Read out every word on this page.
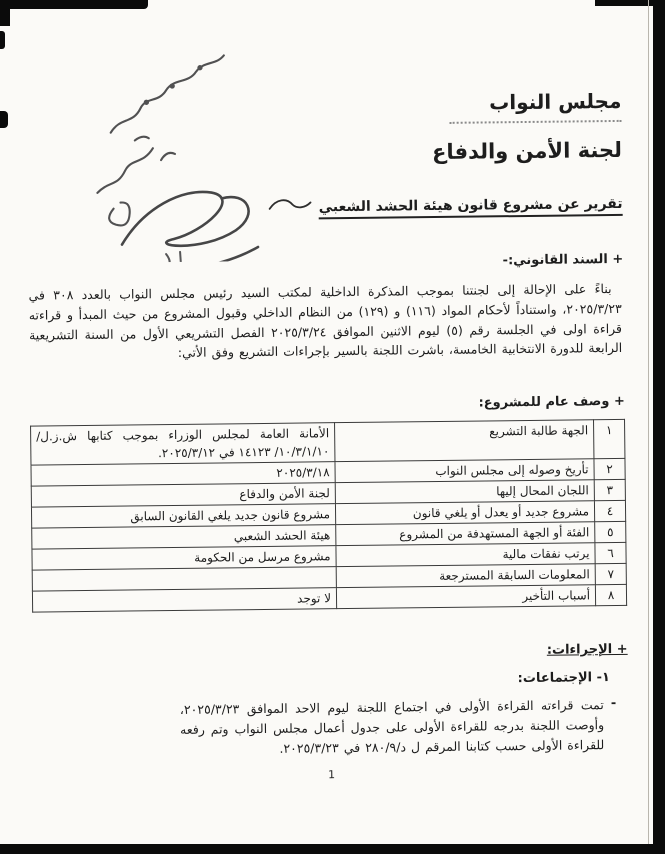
مجلس النواب
لجنة الأمن والدفاع
تقرير عن مشروع قانون هيئة الحشد الشعبي
+ السند القانوني:-

بناءً على الإحالة إلى لجنتنا بموجب المذكرة الداخلية لمكتب السيد رئيس مجلس النواب بالعدد ٣٠٨ في ٢٠٢٥/٣/٢٣، واستناداً لأحكام المواد (١١٦) و (١٢٩) من النظام الداخلي وقبول المشروع من حيث المبدأ و قراءته قراءة اولى في الجلسة رقم (٥) ليوم الاثنين الموافق ٢٠٢٥/٣/٢٤ الفصل التشريعي الأول من السنة التشريعية الرابعة للدورة الانتخابية الخامسة، باشرت اللجنة بالسير بإجراءات التشريع وفق الأتي:

+ وصف عام للمشروع:
١	الجهة طالبة التشريع	الأمانة العامة لمجلس الوزراء بموجب كتابها ش.ز.ل/١٠/٣/١/١٠/ ١٤١٢٣ في ٢٠٢٥/٣/١٢.
٢	تأريخ وصوله إلى مجلس النواب	٢٠٢٥/٣/١٨
٣	اللجان المحال إليها	لجنة الأمن والدفاع
٤	مشروع جديد أو يعدل أو يلغي قانون	مشروع قانون جديد يلغي القانون السابق
٥	الفئة أو الجهة المستهدفة من المشروع	هيئة الحشد الشعبي
٦	يرتب نفقات مالية	مشروع مرسل من الحكومة
٧	المعلومات السابقة المسترجعة	
٨	أسباب التأخير	لا توجد
+ الإجراءات:
١- الإجتماعات:
-

تمت قراءته القراءة الأولى في اجتماع اللجنة ليوم الاحد الموافق ٢٠٢٥/٣/٢٣، وأوصت اللجنة بدرجه للقراءة الأولى على جدول أعمال مجلس النواب وتم رفعه للقراءة الأولى حسب كتابنا المرقم ل د/٢٨٠/٩ في ٢٠٢٥/٣/٢٣.

1
